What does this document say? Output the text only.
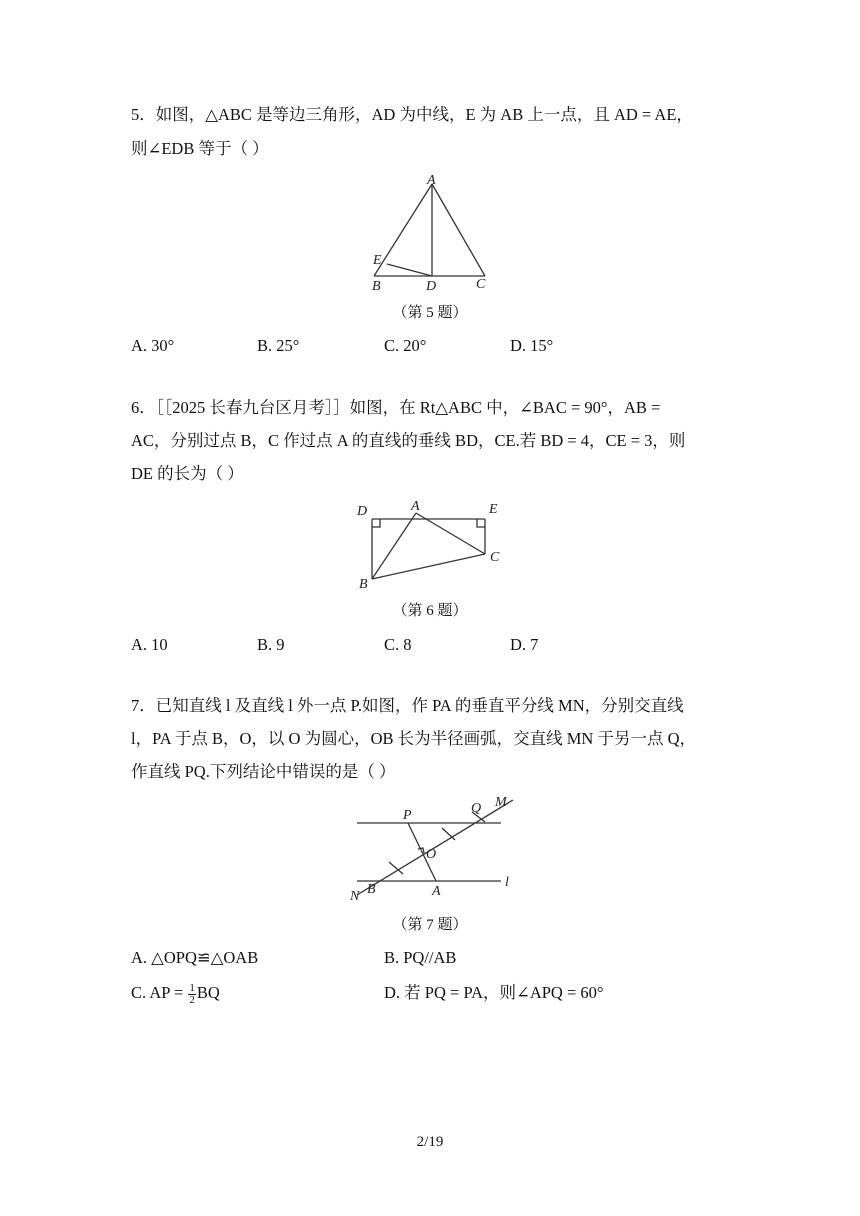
5．如图，△ABC 是等边三角形，AD 为中线，E 为 AB 上一点，且 AD = AE，
则∠EDB 等于（ ）
A
E
B	D	C
（第 5 题）
A. 30°	B. 25°	C. 20°	D. 15°
6．［［2025 长春九台区月考］］如图，在 Rt△ABC 中，∠BAC = 90°，AB =
AC，分别过点 B，C 作过点 A 的直线的垂线 BD，CE.若 BD = 4，CE = 3，则
DE 的长为（ ）
D	A	E
C
B
（第 6 题）
A. 10	B. 9	C. 8	D. 7
7．已知直线 l 及直线 l 外一点 P.如图，作 PA 的垂直平分线 MN，分别交直线
l，PA 于点 B，O，以 O 为圆心，OB 长为半径画弧，交直线 MN 于另一点 Q，
作直线 PQ.下列结论中错误的是（ ）
P	Q M
O
N B	A
l
（第 7 题）
A. △OPQ≌△OAB	B. PQ//AB
C. AP = $\frac{1}{2}$ BQ	D. 若 PQ = PA，则∠APQ = 60°
2/19
